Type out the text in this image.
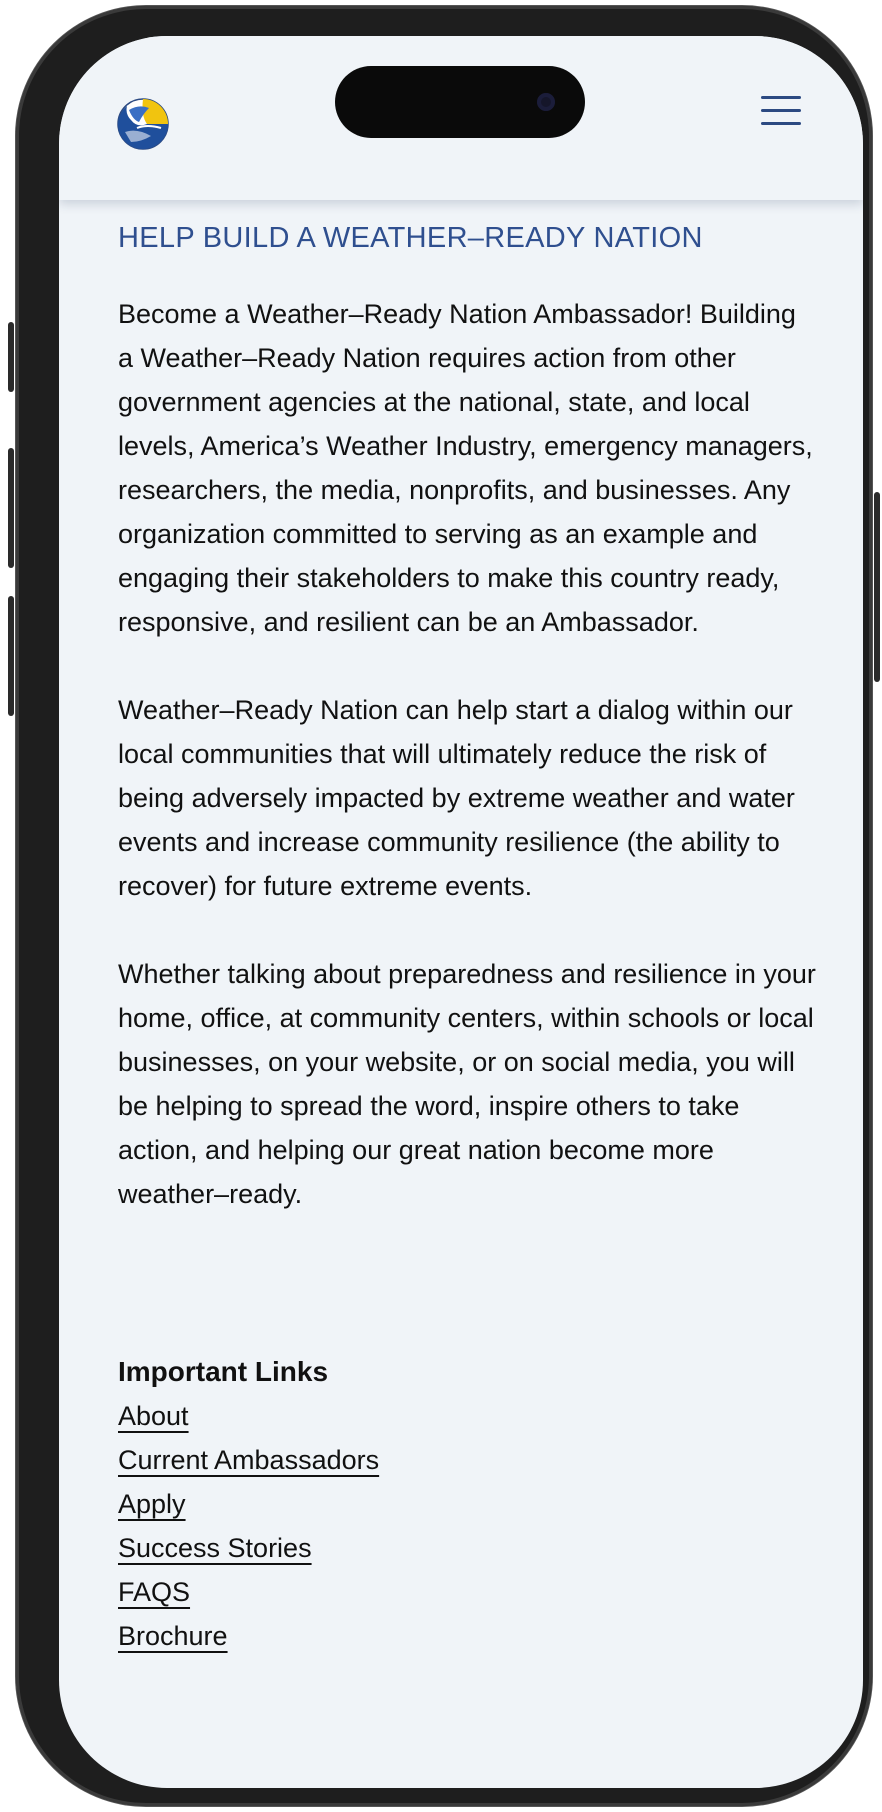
HELP BUILD A WEATHER–READY NATION

Become a Weather–Ready Nation Ambassador! Building a Weather–Ready Nation requires action from other government agencies at the national, state, and local levels, America’s Weather Industry, emergency managers, researchers, the media, nonprofits, and businesses. Any organization committed to serving as an example and engaging their stakeholders to make this country ready, responsive, and resilient can be an Ambassador.

Weather–Ready Nation can help start a dialog within our local communities that will ultimately reduce the risk of being adversely impacted by extreme weather and water events and increase community resilience (the ability to recover) for future extreme events.

Whether talking about preparedness and resilience in your home, office, at community centers, within schools or local businesses, on your website, or on social media, you will be helping to spread the word, inspire others to take action, and helping our great nation become more weather–ready.

Important Links
About
Current Ambassadors
Apply
Success Stories
FAQS
Brochure
